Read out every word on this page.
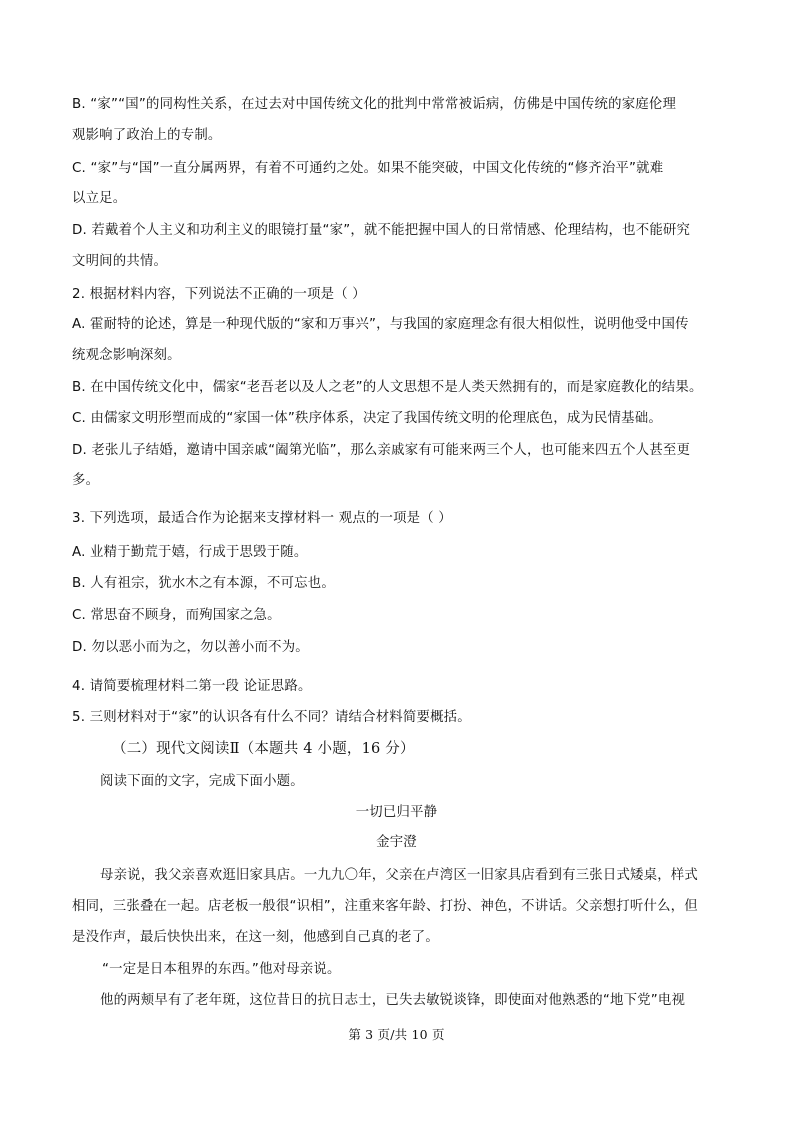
B. “家”“国”的同构性关系，在过去对中国传统文化的批判中常常被诟病，仿佛是中国传统的家庭伦理
观影响了政治上的专制。
C. “家”与“国”一直分属两界，有着不可通约之处。如果不能突破，中国文化传统的“修齐治平”就难
以立足。
D. 若戴着个人主义和功利主义的眼镜打量“家”，就不能把握中国人的日常情感、伦理结构，也不能研究
文明间的共情。
2. 根据材料内容，下列说法不正确的一项是（ ）
A. 霍耐特的论述，算是一种现代版的“家和万事兴”，与我国的家庭理念有很大相似性，说明他受中国传
统观念影响深刻。
B. 在中国传统文化中，儒家“老吾老以及人之老”的人文思想不是人类天然拥有的，而是家庭教化的结果。
C. 由儒家文明形塑而成的“家国一体”秩序体系，决定了我国传统文明的伦理底色，成为民情基础。
D. 老张儿子结婚，邀请中国亲戚“阖第光临”，那么亲戚家有可能来两三个人，也可能来四五个人甚至更
多。
3. 下列选项，最适合作为论据来支撑材料一 观点的一项是（ ）
A. 业精于勤荒于嬉，行成于思毁于随。
B. 人有祖宗，犹水木之有本源，不可忘也。
C. 常思奋不顾身，而殉国家之急。
D. 勿以恶小而为之，勿以善小而不为。
4. 请简要梳理材料二第一段 论证思路。
5. 三则材料对于“家”的认识各有什么不同？请结合材料简要概括。
（二）现代文阅读Ⅱ（本题共 4 小题，16 分）
阅读下面的文字，完成下面小题。
一切已归平静
金宇澄
母亲说，我父亲喜欢逛旧家具店。一九九〇年，父亲在卢湾区一旧家具店看到有三张日式矮桌，样式
相同，三张叠在一起。店老板一般很“识相”，注重来客年龄、打扮、神色，不讲话。父亲想打听什么，但
是没作声，最后快快出来，在这一刻，他感到自己真的老了。
“一定是日本租界的东西。”他对母亲说。
他的两颊早有了老年斑，这位昔日的抗日志士，已失去敏锐谈锋，即使面对他熟悉的“地下党”电视
第 3 页/共 10 页
